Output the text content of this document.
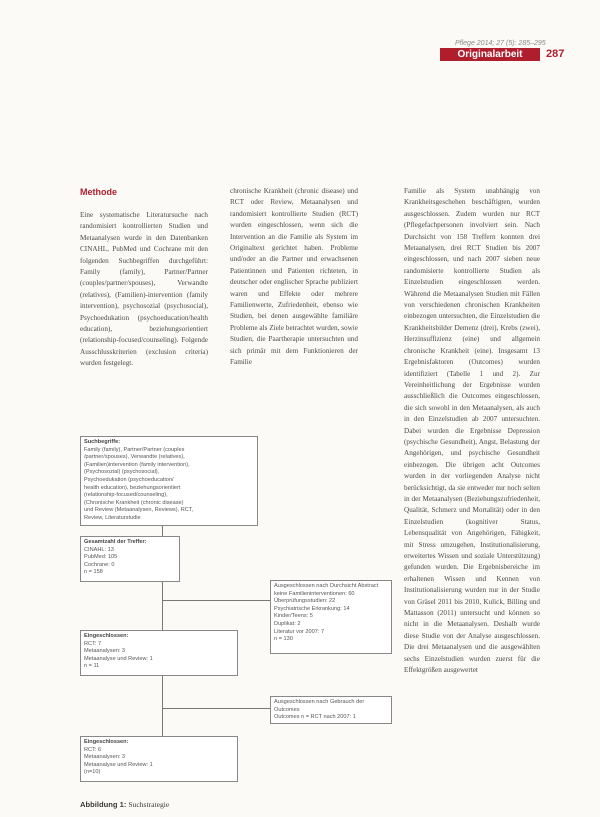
Pflege 2014; 27 (5): 285–295
Originalarbeit	287
Methode

Eine systematische Literatursuche nach randomisiert kontrollierten Studien und Metaanalysen wurde in den Datenbanken CINAHL, PubMed und Cochrane mit den folgenden Suchbegriffen durchgeführt: Family (family), Partner/Partner (couples/partner/spouses), Verwandte (relatives), (Familien)-intervention (family intervention), psychosozial (psychosocial), Psychoedukation (psychoeducation/health education), beziehungsorientiert (relationship-focused/counseling). Folgende Ausschlusskriterien (exclusion criteria) wurden festgelegt.

chronische Krankheit (chronic disease) und RCT oder Review, Metaanalysen und randomisiert kontrollierte Studien (RCT) wurden eingeschlossen, wenn sich die Intervention an die Familie als System im Originaltext gerichtet haben. Probleme und/oder an die Partner und erwachsenen Patientinnen und Patienten richteten, in deutscher oder englischer Sprache publiziert waren und Effekte oder mehrere Familienwerte, Zufriedenheit, ebenso wie Studien, bei denen ausgewählte familiäre Probleme als Ziele betrachtet wurden, sowie Studien, die Paartherapie untersuchten und sich primär mit dem Funktionieren der Familie

Familie als System unabhängig von Krankheitsgeschehen beschäftigten, wurden ausgeschlossen. Zudem wurden nur RCT (Pflegefachpersonen involviert sein. Nach Durchsicht von 158 Treffern konnten drei Metaanalysen, drei RCT Studien bis 2007 eingeschlossen, und nach 2007 sieben neue randomisierte kontrollierte Studien als Einzelstudien eingeschlossen werden. Während die Metaanalysen Studien mit Fällen von verschiedenen chronischen Krankheiten einbezogen untersuchten, die Einzelstudien die Krankheitsbilder Demenz (drei), Krebs (zwei), Herzinsuffizienz (eine) und allgemein chronische Krankheit (eine). Insgesamt 13 Ergebnisfaktoren (Outcomes) wurden identifiziert (Tabelle 1 und 2). Zur Vereinheitlichung der Ergebnisse wurden ausschließlich die Outcomes eingeschlossen, die sich sowohl in den Metaanalysen, als auch in den Einzelstudien ab 2007 untersuchten. Dabei wurden die Ergebnisse Depression (psychische Gesundheit), Angst, Belastung der Angehörigen, und psychische Gesundheit einbezogen. Die übrigen acht Outcomes wurden in der vorliegenden Analyse nicht berücksichtigt, da sie entweder nur noch selten in der Metaanalysen (Beziehungszufriedenheit, Qualität, Schmerz und Mortalität) oder in den Einzelstudien (kognitiver Status, Lebensqualität von Angehörigen, Fähigkeit, mit Stress umzugehen, Institutionalisierung, erweitertes Wissen und soziale Unterstützung) gefunden wurden. Die Ergebnisbereiche im erhaltenen Wissen und Kennen von Institutionalisierung wurden nur in der Studie von Gräsel 2011 bis 2010, Kulick, Billing und Mattasson (2011) untersucht und können so nicht in die Metaanalysen. Deshalb wurde diese Studie von der Analyse ausgeschlossen. Die drei Metaanalysen und die ausgewählten sechs Einzelstudien wurden zuerst für die Effektgrößen ausgewertet

Suchbegriffe:
Family (family), Partner/Partner (couples
/partner/spouses), Verwandte (relatives),
(Familien)intervention (family intervention),
(Psychosozial) (psychosocial),
Psychoedukation (psychoeducation/
health education), beziehungsorientiert
(relationship-focused/counseling),
(Chronische Krankheit (chronic disease)
und Review (Metaanalysen, Reviews), RCT,
Review, Literaturstudie
Gesamtzahl der Treffer:
CINAHL: 13
PubMed: 105
Cochrane: 0
n = 158
Ausgeschlossen nach Durchsicht Abstract
keine Familieninterventionen: 60
Überprüfungsstudien: 22
Psychiatrische Erkrankung: 14
Kinder/Teens: 5
Duplikat: 2
Literatur vor 2007: 7
n = 130
Eingeschlossen:
RCT: 7
Metaanalysen: 3
Metaanalyse und Review: 1
n = 11
Ausgeschlossen nach Gebrauch der
Outcomes
Outcomes n = RCT nach 2007: 1
Eingeschlossen:
RCT: 6
Metaanalysen: 3
Metaanalyse und Review: 1
(n=10)
Abbildung 1: Suchstrategie
